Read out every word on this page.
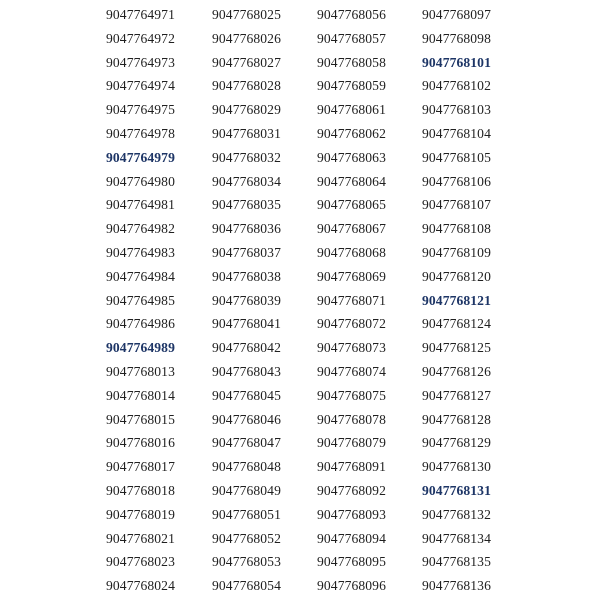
9047764971
9047764972
9047764973
9047764974
9047764975
9047764978
9047764979
9047764980
9047764981
9047764982
9047764983
9047764984
9047764985
9047764986
9047764989
9047768013
9047768014
9047768015
9047768016
9047768017
9047768018
9047768019
9047768021
9047768023
9047768024
9047768025
9047768026
9047768027
9047768028
9047768029
9047768031
9047768032
9047768034
9047768035
9047768036
9047768037
9047768038
9047768039
9047768041
9047768042
9047768043
9047768045
9047768046
9047768047
9047768048
9047768049
9047768051
9047768052
9047768053
9047768054
9047768056
9047768057
9047768058
9047768059
9047768061
9047768062
9047768063
9047768064
9047768065
9047768067
9047768068
9047768069
9047768071
9047768072
9047768073
9047768074
9047768075
9047768078
9047768079
9047768091
9047768092
9047768093
9047768094
9047768095
9047768096
9047768097
9047768098
9047768101
9047768102
9047768103
9047768104
9047768105
9047768106
9047768107
9047768108
9047768109
9047768120
9047768121
9047768124
9047768125
9047768126
9047768127
9047768128
9047768129
9047768130
9047768131
9047768132
9047768134
9047768135
9047768136
